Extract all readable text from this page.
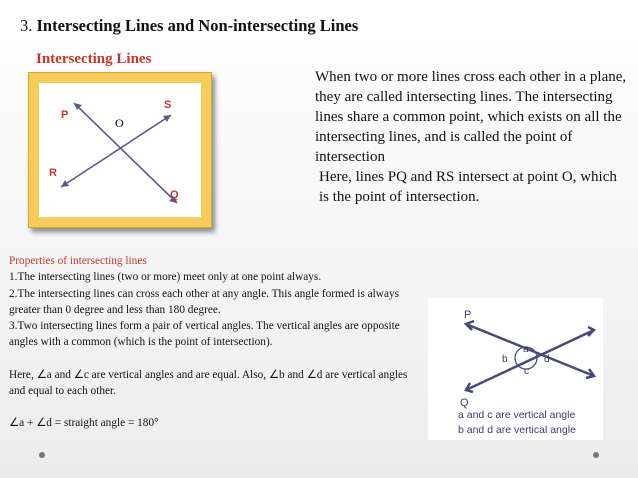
3. Intersecting Lines and Non-intersecting Lines
Intersecting Lines
P
S
O
R
Q
When two or more lines cross each other in a plane, they are called intersecting lines. The intersecting lines share a common point, which exists on all the intersecting lines, and is called the point of intersection
Here, lines PQ and RS intersect at point O, which is the point of intersection.

Properties of intersecting lines

1.The intersecting lines (two or more) meet only at one point always.

2.The intersecting lines can cross each other at any angle. This angle formed is always greater than 0 degree and less than 180 degree.

3.Two intersecting lines form a pair of vertical angles. The vertical angles are opposite angles with a common (which is the point of intersection).

Here, ∠a and ∠c are vertical angles and are equal. Also, ∠b and ∠d are vertical angles and equal to each other.

∠a + ∠d = straight angle = 180°

P
Q
a
b
c
d
a and c are vertical angle
b and d are vertical angle
